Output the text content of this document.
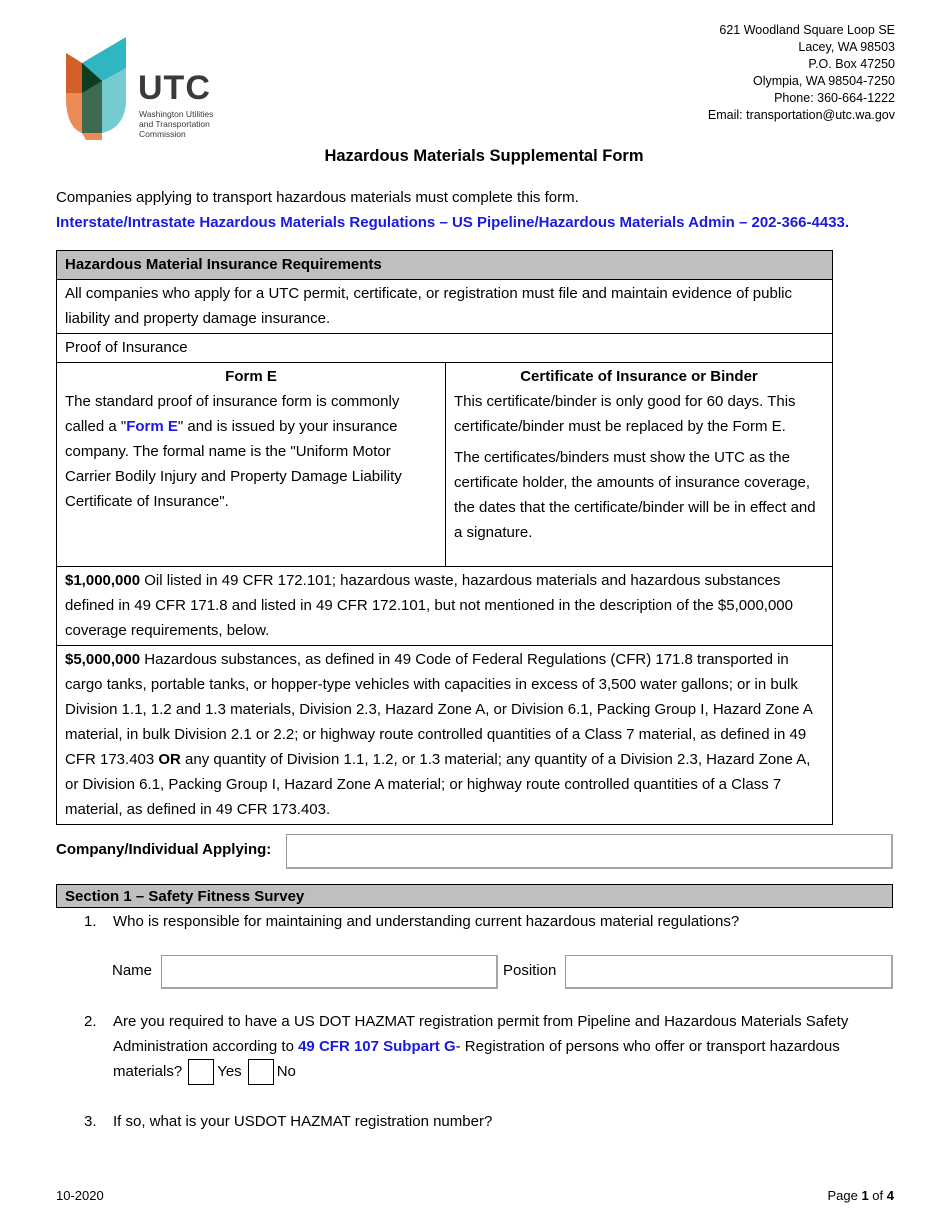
UTC
Washington Utilities
and Transportation
Commission
621 Woodland Square Loop SE
Lacey, WA 98503
P.O. Box 47250
Olympia, WA 98504-7250
Phone: 360-664-1222
Email: transportation@utc.wa.gov
Hazardous Materials Supplemental Form
Companies applying to transport hazardous materials must complete this form.
Interstate/Intrastate Hazardous Materials Regulations – US Pipeline/Hazardous Materials Admin – 202-366-4433.
Hazardous Material Insurance Requirements
All companies who apply for a UTC permit, certificate, or registration must file and maintain evidence of public liability and property damage insurance.
Proof of Insurance

Form E
The standard proof of insurance form is commonly called a "Form E" and is issued by your insurance company. The formal name is the "Uniform Motor Carrier Bodily Injury and Property Damage Liability Certificate of Insurance".

Certificate of Insurance or Binder
This certificate/binder is only good for 60 days. This certificate/binder must be replaced by the Form E.
The certificates/binders must show the UTC as the certificate holder, the amounts of insurance coverage, the dates that the certificate/binder will be in effect and a signature.

$1,000,000 Oil listed in 49 CFR 172.101; hazardous waste, hazardous materials and hazardous substances defined in 49 CFR 171.8 and listed in 49 CFR 172.101, but not mentioned in the description of the $5,000,000 coverage requirements, below.
$5,000,000 Hazardous substances, as defined in 49 Code of Federal Regulations (CFR) 171.8 transported in cargo tanks, portable tanks, or hopper-type vehicles with capacities in excess of 3,500 water gallons; or in bulk Division 1.1, 1.2 and 1.3 materials, Division 2.3, Hazard Zone A, or Division 6.1, Packing Group I, Hazard Zone A material, in bulk Division 2.1 or 2.2; or highway route controlled quantities of a Class 7 material, as defined in 49 CFR 173.403 OR any quantity of Division 1.1, 1.2, or 1.3 material; any quantity of a Division 2.3, Hazard Zone A, or Division 6.1, Packing Group I, Hazard Zone A material; or highway route controlled quantities of a Class 7 material, as defined in 49 CFR 173.403.
Company/Individual Applying:
Section 1 – Safety Fitness Survey
1. Who is responsible for maintaining and understanding current hazardous material regulations?
Name	Position
2. Are you required to have a US DOT HAZMAT registration permit from Pipeline and Hazardous Materials Safety Administration according to 49 CFR 107 Subpart G- Registration of persons who offer or transport hazardous materials? Yes No
3. If so, what is your USDOT HAZMAT registration number?
10-2020	Page 1 of 4
